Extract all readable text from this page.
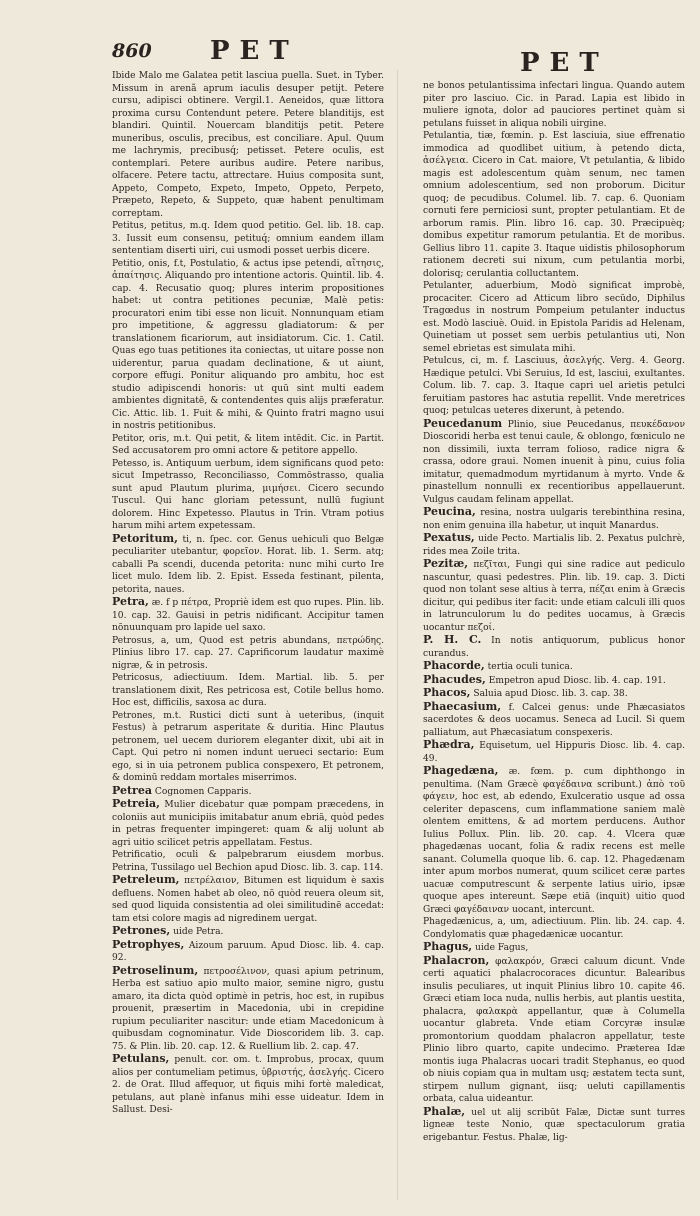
860 PET	PET

Ibide Malo me Galatea petit lasciua puella. Suet. in Tyber. Missum in arenã aprum iaculis desuper petijt. Petere cursu, adipisci obtinere. Vergil.1. Aeneidos, quæ littora proxima cursu Contendunt petere. Petere blanditijs, est blandiri. Quintil. Nouercam blanditijs petit. Petere muneribus, osculis, precibus, est conciliare. Apul. Quum me lachrymis, precibusq́; petisset. Petere oculis, est contemplari. Petere auribus audire. Petere naribus, olfacere. Petere tactu, attrectare. Huius composita sunt, Appeto, Competo, Expeto, Impeto, Oppeto, Perpeto, Præpeto, Repeto, & Suppeto, quæ habent penultimam correptam.

Petitus, petitus, m.q. Idem quod petitio. Gel. lib. 18. cap. 3. Iussit eum consensu, petituq́; omnium eandem illam sententiam diserti uiri, cui usmodi posset uerbis dicere.

Petitio, onis, f.t, Postulatio, & actus ipse petendi, αἴτησις, ἀπαίτησις. Aliquando pro intentione actoris. Quintil. lib. 4. cap. 4. Recusatio quoq; plures interim propositiones habet: ut contra petitiones pecuniæ, Malè petis: procuratori enim tibi esse non licuit. Nonnunquam etiam pro impetitione, & aggressu gladiatorum: & per translationem ficariorum, aut insidiatorum. Cic. 1. Catil. Quas ego tuas petitiones ita coniectas, ut uitare posse non uiderentur, parua quadam declinatione, & ut aiunt, corpore effugi. Ponitur aliquando pro ambitu, hoc est studio adipiscendi honoris: ut quū sint multi eadem ambientes dignitatē, & contendentes quis alijs præferatur. Cic. Attic. lib. 1. Fuit & mihi, & Quinto fratri magno usui in nostris petitionibus.

Petitor, oris, m.t. Qui petit, & litem intēdit. Cic. in Partit. Sed accusatorem pro omni actore & petitore appello.

Petesso, is. Antiquum uerbum, idem significans quod peto: sicut Impetrasso, Reconciliasso, Commōstrasso, qualia sunt apud Plautum plurima, μιμήσει. Cicero secundo Tuscul. Qui hanc gloriam petessunt, nullū fugiunt dolorem. Hinc Expetesso. Plautus in Trin. Vtram potius harum mihi artem expetessam.

Petoritum, ti, n. ſpec. cor. Genus uehiculi quo Belgæ peculiariter utebantur, φορεῖον. Horat. lib. 1. Serm. atq; caballi Pa scendi, ducenda petorita: nunc mihi curto Ire licet mulo. Idem lib. 2. Epist. Essedа festinant, pilenta, petorita, naues.

Petra, æ. f p πέτρα, Propriè idem est quo rupes. Plin. lib. 10. cap. 32. Gauisi in petris nidificant. Accipitur tamen nōnuunquam pro lapide uel saxo.

Petrosus, a, um, Quod est petris abundans, πετρώδης. Plinius libro 17. cap. 27. Caprificorum laudatur maximè nigræ, & in petrosis.

Petricosus, adiectiuum. Idem. Martial. lib. 5. per translationem dixit, Res petricosa est, Cotile bellus homo. Hoc est, difficilis, saxosa ac dura.

Petrones, m.t. Rustici dicti sunt à ueteribus, (inquit Festus) à petrarum asperitate & duritia. Hinc Plautus petronem, uel uecem duriorem eleganter dixit, ubi ait in Capt. Qui petro ni nomen indunt uerueci sectario: Eum ego, si in uia petronem publica conspexero, Et petronem, & dominū reddam mortales miserrimos.

Petrea Cognomen Capparis.

Petreia, Mulier dicebatur quæ pompam præcedens, in coloniis aut municipiis imitabatur anum ebriā, quòd pedes in petras frequenter impingeret: quam & alij uolunt ab agri uitio scilicet petris appellatam. Festus.

Petrificatio, oculi & palpebrarum eiusdem morbus. Petrina, Tussilago uel Bechion apud Diosc. lib. 3. cap. 114.

Petreleum, πετρέλαιον, Bitumen est liquidum è saxis defluens. Nomen habet ab oleo, nō quòd reuera oleum sit, sed quod liquida consistentia ad olei similitudinē accedat: tam etsi colore magis ad nigredinem uergat.

Petrones, uide Petra.

Petrophyes, Aizoum paruum. Apud Diosc. lib. 4. cap. 92.

Petroselinum, πετροσέλινον, quasi apium petrinum, Herba est satiuo apio multo maior, semine nigro, gustu amaro, ita dicta quòd optimè in petris, hoc est, in rupibus prouenit, præsertim in Macedonia, ubi in crepidine rupium peculiariter nascitur: unde etiam Macedonicum à quibusdam cognominatur. Vide Dioscoridem lib. 3. cap. 75. & Plin. lib. 20. cap. 12. & Ruellium lib. 2. cap. 47.

Petulans, penult. cor. om. t. Improbus, procax, quum alios per contumeliam petimus, ὑβριστής, ἀσελγής. Cicero 2. de Orat. Illud affequor, ut fiquis mihi fortè maledicat, petulans, aut planè infanus mihi esse uideatur. Idem in Sallust. Desi-

ne bonos petulantissima infectari lingua. Quando autem piter pro lasciuo. Cic. in Parad. Lapia est libido in muliere ignota, dolor ad pauciores pertinet quàm si petulans fuisset in aliqua nobili uirgine.

Petulantia, tiæ, fœmin. p. Est lasciuia, siue effrenatio immodica ad quodlibet uitium, à petendo dicta, ἀσέλγεια. Cicero in Cat. maiore, Vt petulantia, & libido magis est adolescentum quàm senum, nec tamen omnium adolescentium, sed non proborum. Dicitur quoq; de pecudibus. Columel. lib. 7. cap. 6. Quoniam cornuti fere perniciosi sunt, propter petulantiam. Et de arborum ramis. Plin. libro 16. cap. 30. Præcipuèq; domibus expetitur ramorum petulantia. Et de moribus. Gellius libro 11. capite 3. Itaque uidistis philosophorum rationem decreti sui nixum, cum petulantia morbi, dolorisq; cerulantia colluctantem.

Petulanter, aduerbium, Modò significat improbè, procaciter. Cicero ad Atticum libro secūdo, Diphilus Tragœdus in nostrum Pompeium petulanter inductus est. Modò lasciuè. Ouid. in Epistola Paridis ad Helenam, Quinetiam ut posset sem uerbis petulantius uti, Non semel ebrietas est simulata mihi.

Petulcus, ci, m. f. Lasciuus, ἀσελγής. Verg. 4. Georg. Hædique petulci. Vbi Seruius, Id est, lasciui, exultantes. Colum. lib. 7. cap. 3. Itaque capri uel arietis petulci feruitiam pastores hac astutia repellit. Vnde meretrices quoq; petulcas ueteres dixerunt, à petendo.

Peucedanum Plinio, siue Peucedanus, πευκέδανον Dioscoridi herba est tenui caule, & oblongo, fœniculo ne non dissimili, iuxta terram folioso, radice nigra & crassa, odore graui. Nomen inuenit à pinu, cuius folia imitatur, quemadmodum myrtidanum à myrto. Vnde & pinastellum nonnulli ex recentioribus appellauerunt. Vulgus caudam felinam appellat.

Peucina, resina, nostra uulgaris terebinthina resina, non enim genuina illa habetur, ut inquit Manardus.

Pexatus, uide Pecto. Martialis lib. 2. Pexatus pulchrè, rides mea Zoile trita.

Pezitæ, πεζῖται, Fungi qui sine radice aut pediculo nascuntur, quasi pedestres. Plin. lib. 19. cap. 3. Dicti quod non tolant sese altius à terra, πέζαι enim à Græcis dicitur, qui pedibus iter facit: unde etiam calculi illi quos in latrunculorum lu do pedites uocamus, à Græcis uocantur πεζοί.

P. H. C. In notis antiquorum, publicus honor curandus.

Phacorde, tertia oculi tunica.

Phacudes, Empetron apud Diosc. lib. 4. cap. 191.

Phacos, Saluia apud Diosc. lib. 3. cap. 38.

Phaecasium, f. Calcei genus: unde Phæcasiatos sacerdotes & deos uocamus. Seneca ad Lucil. Si quem palliatum, aut Phæcasiatum conspexeris.

Phædra, Equisetum, uel Hippuris Diosc. lib. 4. cap. 49.

Phagedæna, æ. fœm. p. cum diphthongo in penultima. (Nam Græcè φαγέδαινα scribunt.) ἀπὸ τοῦ φάγειν, hoc est, ab edendo, Exulceratio usque ad ossa celeriter depascens, cum inflammatione saniem malè olentem emittens, & ad mortem perducens. Author Iulius Pollux. Plin. lib. 20. cap. 4. Vlcera quæ phagedænas uocant, folia & radix recens est melle sanant. Columella quoque lib. 6. cap. 12. Phagedænam inter apum morbos numerat, quum scilicet ceræ partes uacuæ computrescunt & serpente latius uirio, ipsæ quoque apes intereunt. Sæpe etiā (inquit) uitio quod Græci φαγέδαιναν uocant, intercunt.

Phagedænicus, a, um, adiectiuum. Plin. lib. 24. cap. 4. Condylomatis quæ phagedænicæ uocantur.

Phagus, uide Fagus,

Phalacron, φαλακρόν, Græci caluum dicunt. Vnde certi aquatici phalacrocoraces dicuntur. Balearibus insulis peculiares, ut inquit Plinius libro 10. capite 46. Græci etiam loca nuda, nullis herbis, aut plantis uestita, phalacra, φαλακρὰ appellantur, quæ à Columella uocantur glabreta. Vnde etiam Corcyræ insulæ promontorium quoddam phalacron appellatur, teste Plinio libro quarto, capite undecimo. Præterea Idæ montis iuga Phalacras uocari tradit Stephanus, eo quod ob niuis copiam qua in multam usq; æstatem tecta sunt, stirpem nullum gignant, iisq; ueluti capillamentis orbata, calua uideantur.

Phalæ, uel ut alij scribūt Falæ, Dictæ sunt turres ligneæ teste Nonio, quæ spectaculorum gratia erigebantur. Festus. Phalæ, lig-
